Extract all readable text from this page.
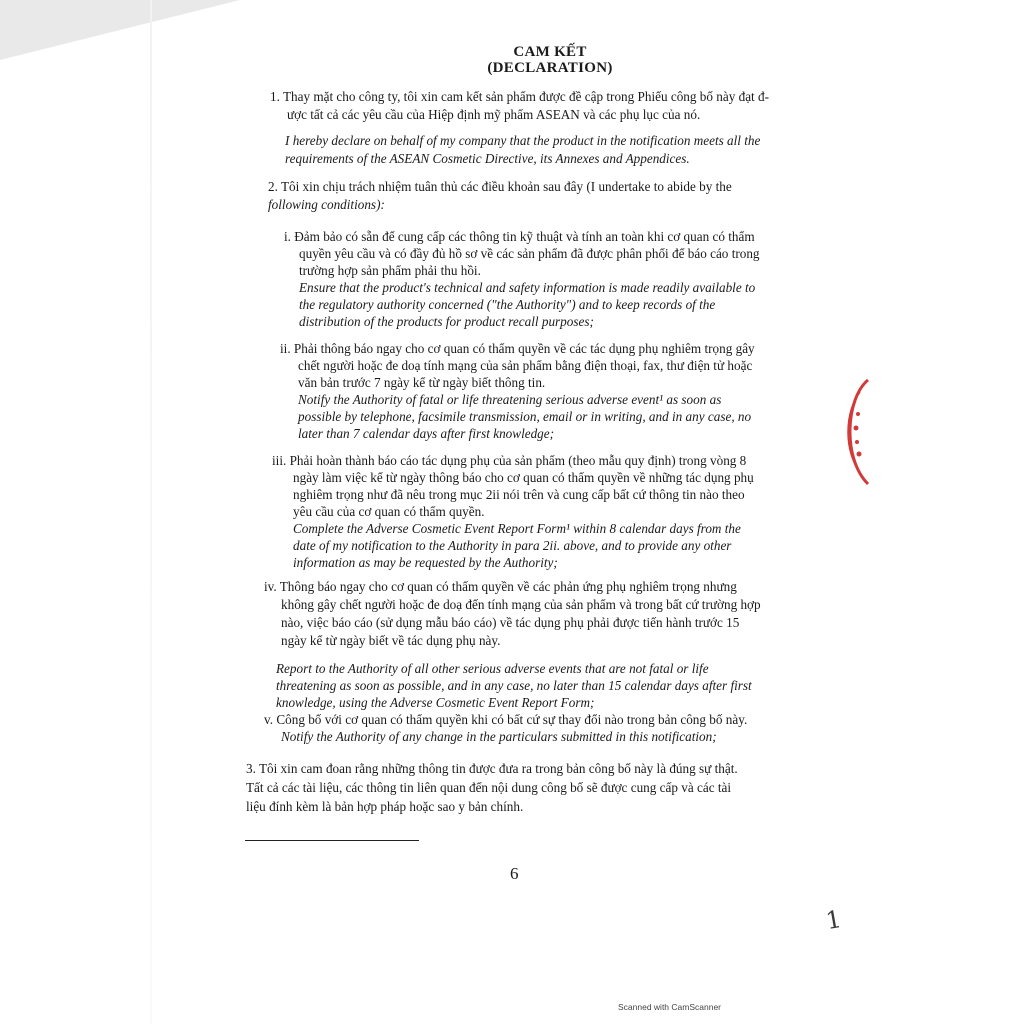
CAM KẾT
(DECLARATION)
1. Thay mặt cho công ty, tôi xin cam kết sản phẩm được đề cập trong Phiếu công bố này đạt đ-
ược tất cả các yêu cầu của Hiệp định mỹ phẩm ASEAN và các phụ lục của nó.
I hereby declare on behalf of my company that the product in the notification meets all the
requirements of the ASEAN Cosmetic Directive, its Annexes and Appendices.
2. Tôi xin chịu trách nhiệm tuân thủ các điều khoản sau đây (I undertake to abide by the
following conditions):
i. Đảm bảo có sẵn để cung cấp các thông tin kỹ thuật và tính an toàn khi cơ quan có thẩm
quyền yêu cầu và có đầy đủ hồ sơ về các sản phẩm đã được phân phối để báo cáo trong
trường hợp sản phẩm phải thu hồi.
Ensure that the product's technical and safety information is made readily available to
the regulatory authority concerned ("the Authority") and to keep records of the
distribution of the products for product recall purposes;
ii. Phải thông báo ngay cho cơ quan có thẩm quyền về các tác dụng phụ nghiêm trọng gây
chết người hoặc đe doạ tính mạng của sản phẩm bằng điện thoại, fax, thư điện tử hoặc
văn bản trước 7 ngày kể từ ngày biết thông tin.
Notify the Authority of fatal or life threatening serious adverse event¹ as soon as
possible by telephone, facsimile transmission, email or in writing, and in any case, no
later than 7 calendar days after first knowledge;
iii. Phải hoàn thành báo cáo tác dụng phụ của sản phẩm (theo mẫu quy định) trong vòng 8
ngày làm việc kể từ ngày thông báo cho cơ quan có thẩm quyền về những tác dụng phụ
nghiêm trọng như đã nêu trong mục 2ii nói trên và cung cấp bất cứ thông tin nào theo
yêu cầu của cơ quan có thẩm quyền.
Complete the Adverse Cosmetic Event Report Form¹ within 8 calendar days from the
date of my notification to the Authority in para 2ii. above, and to provide any other
information as may be requested by the Authority;
iv. Thông báo ngay cho cơ quan có thẩm quyền về các phản ứng phụ nghiêm trọng nhưng
không gây chết người hoặc đe doạ đến tính mạng của sản phẩm và trong bất cứ trường hợp
nào, việc báo cáo (sử dụng mẫu báo cáo) về tác dụng phụ phải được tiến hành trước 15
ngày kể từ ngày biết về tác dụng phụ này.
Report to the Authority of all other serious adverse events that are not fatal or life
threatening as soon as possible, and in any case, no later than 15 calendar days after first
knowledge, using the Adverse Cosmetic Event Report Form;
v. Công bố với cơ quan có thẩm quyền khi có bất cứ sự thay đổi nào trong bản công bố này.
Notify the Authority of any change in the particulars submitted in this notification;
3. Tôi xin cam đoan rằng những thông tin được đưa ra trong bản công bố này là đúng sự thật.
Tất cả các tài liệu, các thông tin liên quan đến nội dung công bố sẽ được cung cấp và các tài
liệu đính kèm là bản hợp pháp hoặc sao y bản chính.
6
1
Scanned with CamScanner
